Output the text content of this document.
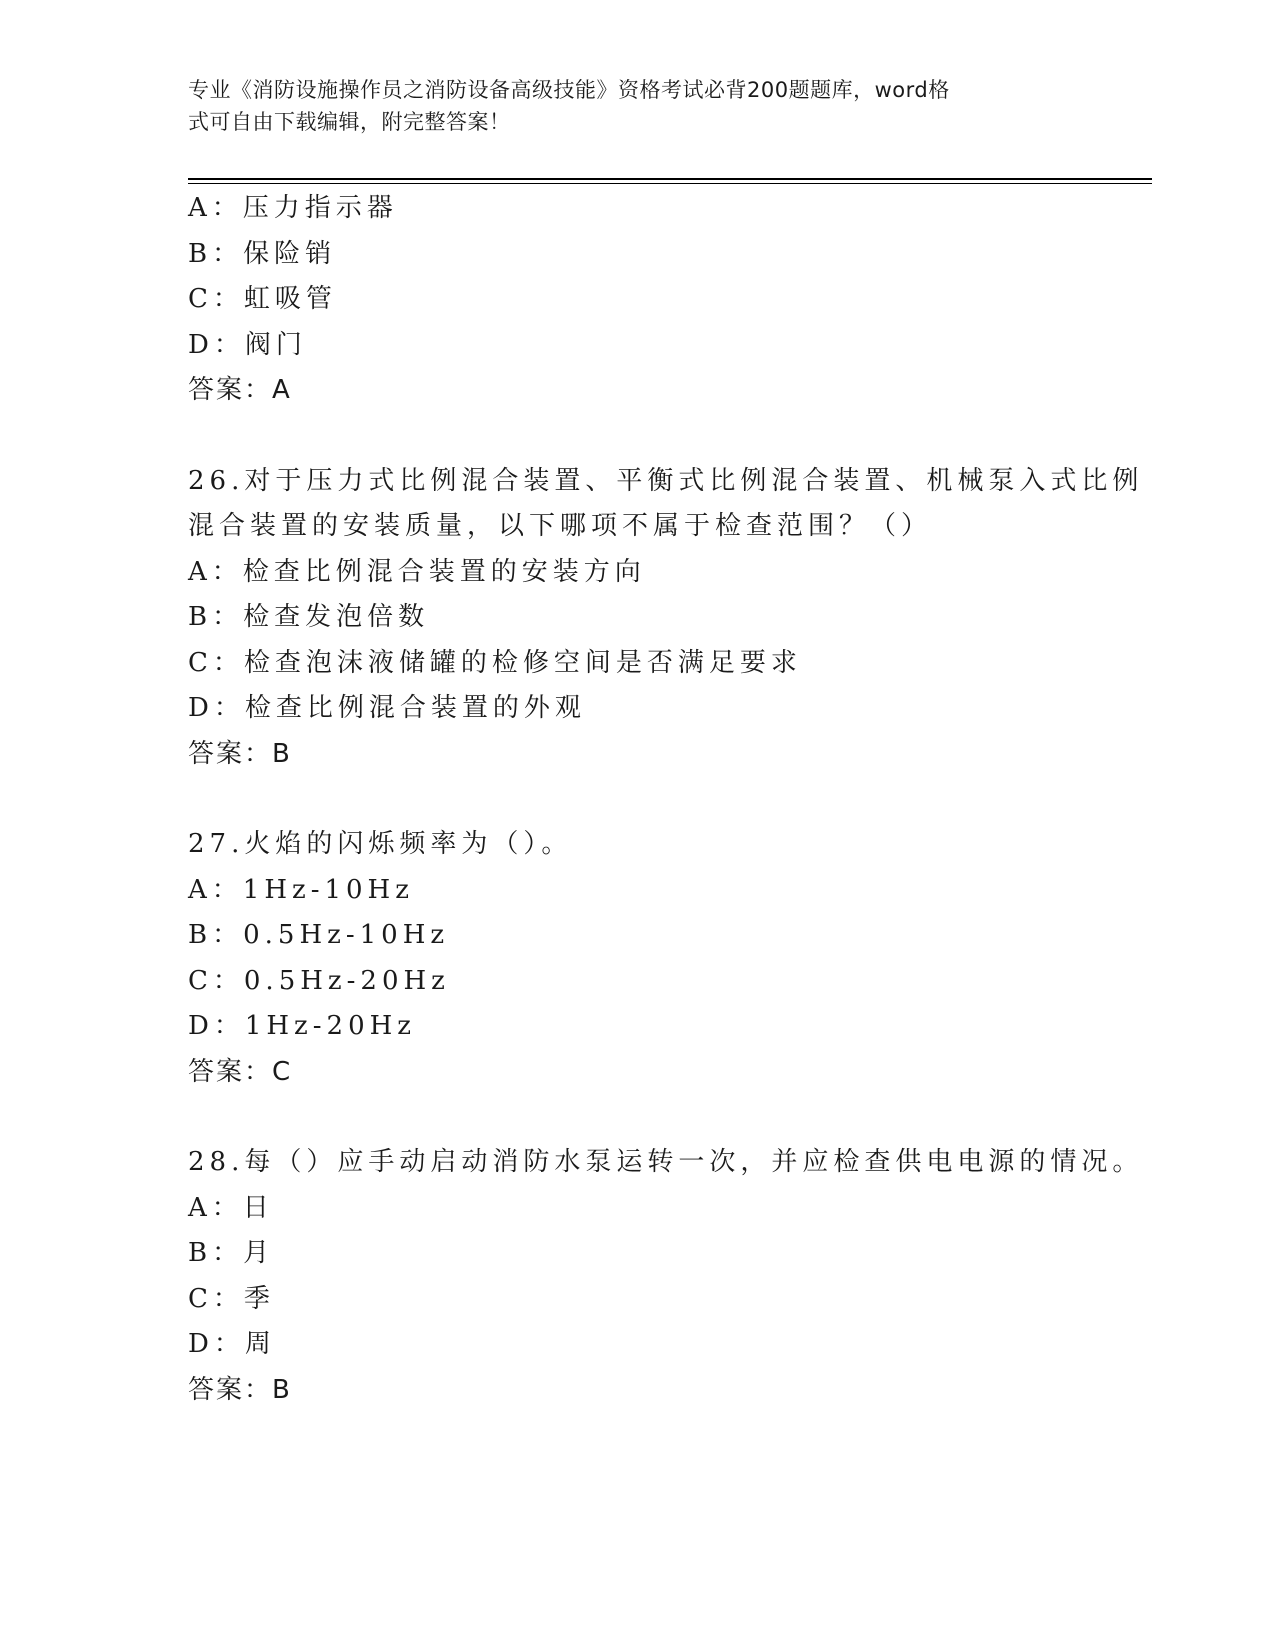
专业《消防设施操作员之消防设备高级技能》资格考试必背200题题库，word格
式可自由下载编辑，附完整答案！
A：压力指示器
B：保险销
C：虹吸管
D：阀门
答案：A
26.对于压力式比例混合装置、平衡式比例混合装置、机械泵入式比例
混合装置的安装质量，以下哪项不属于检查范围？（）
A：检查比例混合装置的安装方向
B：检查发泡倍数
C：检查泡沫液储罐的检修空间是否满足要求
D：检查比例混合装置的外观
答案：B
27.火焰的闪烁频率为（）。
A：1Hz-10Hz
B：0.5Hz-10Hz
C：0.5Hz-20Hz
D：1Hz-20Hz
答案：C
28.每（）应手动启动消防水泵运转一次，并应检查供电电源的情况。
A：日
B：月
C：季
D：周
答案：B
